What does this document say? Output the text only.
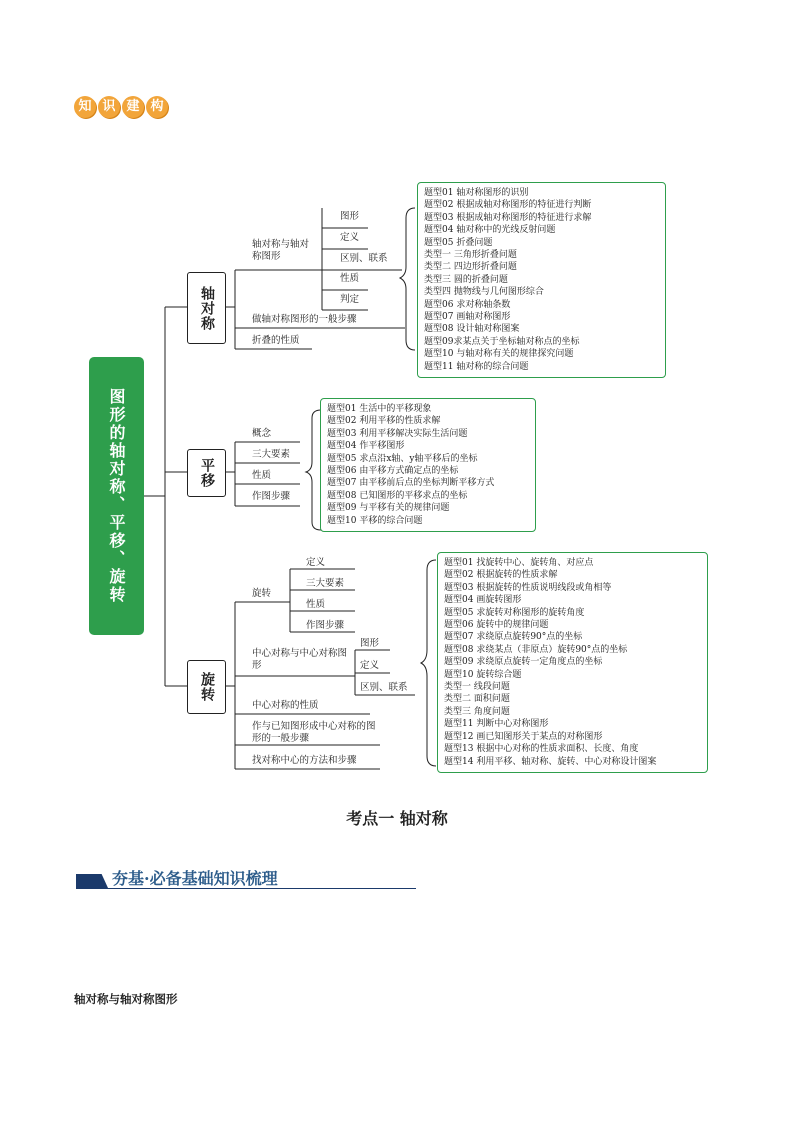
知 识 建 构
图形的轴对称、平移、旋转
轴对称
轴对称与轴对称图形
图形
定义
区别、联系
性质
判定
做轴对称图形的一般步骤
折叠的性质
题型01 轴对称图形的识别
题型02 根据成轴对称图形的特征进行判断
题型03 根据成轴对称图形的特征进行求解
题型04 轴对称中的光线反射问题
题型05 折叠问题
类型一 三角形折叠问题
类型二 四边形折叠问题
类型三 圆的折叠问题
类型四 抛物线与几何图形综合
题型06 求对称轴条数
题型07 画轴对称图形
题型08 设计轴对称图案
题型09求某点关于坐标轴对称点的坐标
题型10 与轴对称有关的规律探究问题
题型11 轴对称的综合问题
平移
概念
三大要素
性质
作图步骤
题型01 生活中的平移现象
题型02 利用平移的性质求解
题型03 利用平移解决实际生活问题
题型04 作平移图形
题型05 求点沿x轴、y轴平移后的坐标
题型06 由平移方式确定点的坐标
题型07 由平移前后点的坐标判断平移方式
题型08 已知图形的平移求点的坐标
题型09 与平移有关的规律问题
题型10 平移的综合问题
旋转
旋转
定义
三大要素
性质
作图步骤
中心对称与中心对称图形
图形
定义
区别、联系
中心对称的性质
作与已知图形成中心对称的图形的一般步骤
找对称中心的方法和步骤
题型01 找旋转中心、旋转角、对应点
题型02 根据旋转的性质求解
题型03 根据旋转的性质说明线段或角相等
题型04 画旋转图形
题型05 求旋转对称图形的旋转角度
题型06 旋转中的规律问题
题型07 求绕原点旋转90°点的坐标
题型08 求绕某点（非原点）旋转90°点的坐标
题型09 求绕原点旋转一定角度点的坐标
题型10 旋转综合题
类型一 线段问题
类型二 面积问题
类型三 角度问题
题型11 判断中心对称图形
题型12 画已知图形关于某点的对称图形
题型13 根据中心对称的性质求面积、长度、角度
题型14 利用平移、轴对称、旋转、中心对称设计图案
考点一 轴对称
夯基·必备基础知识梳理
轴对称与轴对称图形
